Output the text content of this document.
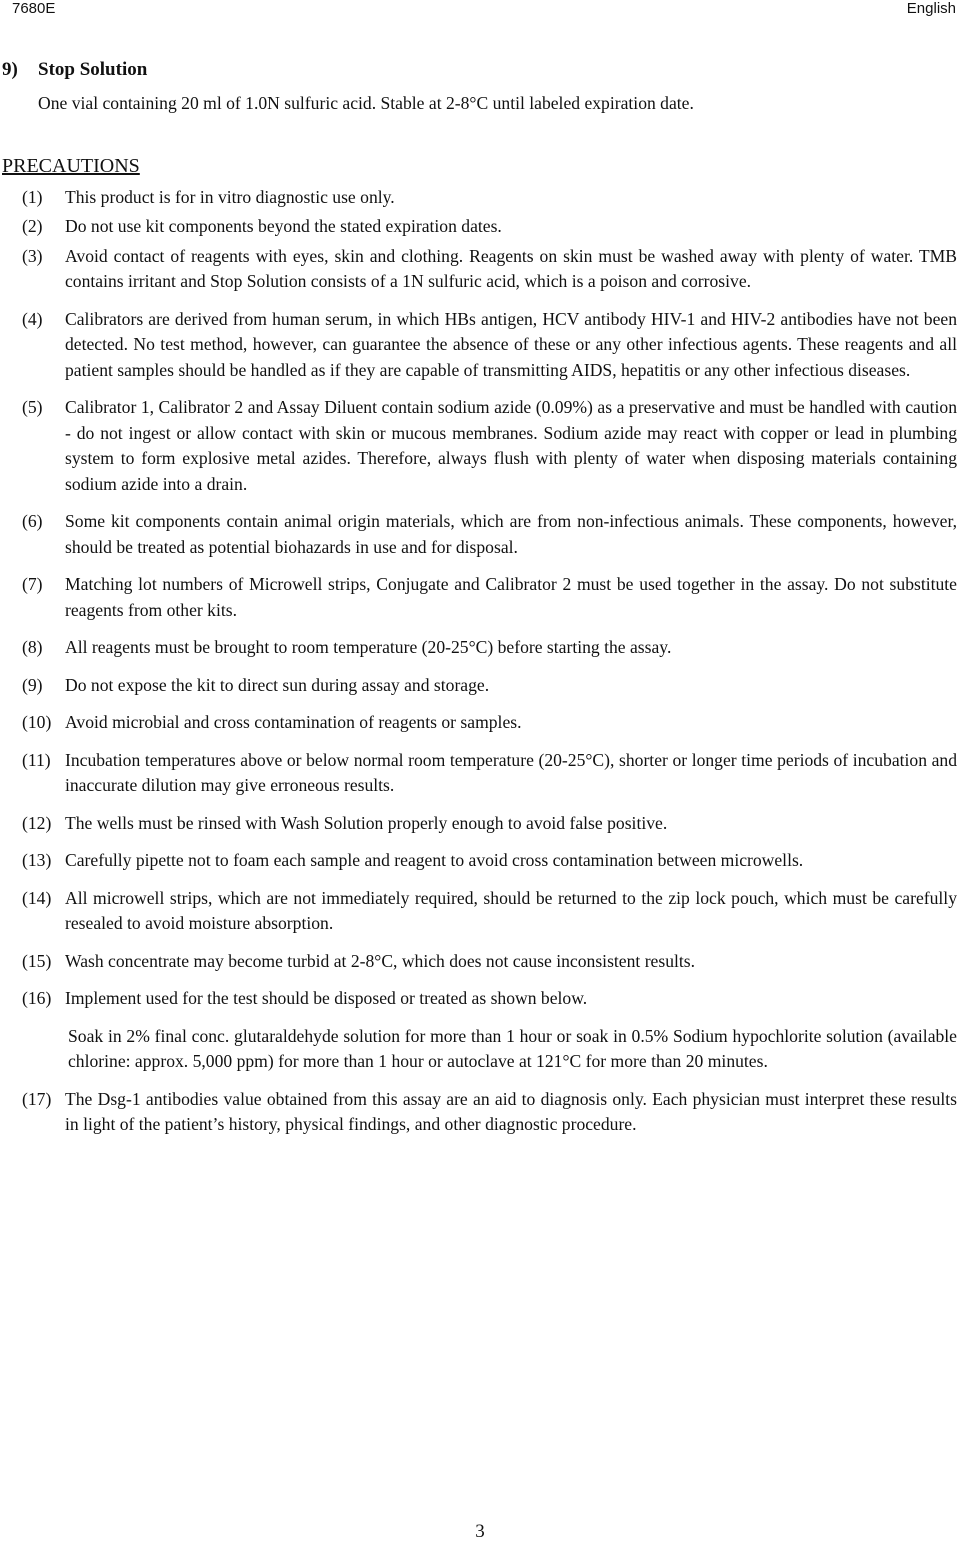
7680E	English
9)	Stop Solution
One vial containing 20 ml of 1.0N sulfuric acid. Stable at 2-8°C until labeled expiration date.
PRECAUTIONS
(1)	This product is for in vitro diagnostic use only.
(2)	Do not use kit components beyond the stated expiration dates.
(3)	Avoid contact of reagents with eyes, skin and clothing. Reagents on skin must be washed away with plenty of water. TMB contains irritant and Stop Solution consists of a 1N sulfuric acid, which is a poison and corrosive.
(4)	Calibrators are derived from human serum, in which HBs antigen, HCV antibody HIV-1 and HIV-2 antibodies have not been detected. No test method, however, can guarantee the absence of these or any other infectious agents. These reagents and all patient samples should be handled as if they are capable of transmitting AIDS, hepatitis or any other infectious diseases.
(5)	Calibrator 1, Calibrator 2 and Assay Diluent contain sodium azide (0.09%) as a preservative and must be handled with caution - do not ingest or allow contact with skin or mucous membranes. Sodium azide may react with copper or lead in plumbing system to form explosive metal azides. Therefore, always flush with plenty of water when disposing materials containing sodium azide into a drain.
(6)	Some kit components contain animal origin materials, which are from non-infectious animals. These components, however, should be treated as potential biohazards in use and for disposal.
(7)	Matching lot numbers of Microwell strips, Conjugate and Calibrator 2 must be used together in the assay. Do not substitute reagents from other kits.
(8)	All reagents must be brought to room temperature (20-25°C) before starting the assay.
(9)	Do not expose the kit to direct sun during assay and storage.
(10) Avoid microbial and cross contamination of reagents or samples.
(11) Incubation temperatures above or below normal room temperature (20-25°C), shorter or longer time periods of incubation and inaccurate dilution may give erroneous results.
(12) The wells must be rinsed with Wash Solution properly enough to avoid false positive.
(13) Carefully pipette not to foam each sample and reagent to avoid cross contamination between microwells.
(14) All microwell strips, which are not immediately required, should be returned to the zip lock pouch, which must be carefully resealed to avoid moisture absorption.
(15) Wash concentrate may become turbid at 2-8°C, which does not cause inconsistent results.
(16) Implement used for the test should be disposed or treated as shown below.
Soak in 2% final conc. glutaraldehyde solution for more than 1 hour or soak in 0.5% Sodium hypochlorite solution (available chlorine: approx. 5,000 ppm) for more than 1 hour or autoclave at 121°C for more than 20 minutes.
(17) The Dsg-1 antibodies value obtained from this assay are an aid to diagnosis only. Each physician must interpret these results in light of the patient’s history, physical findings, and other diagnostic procedure.
3
